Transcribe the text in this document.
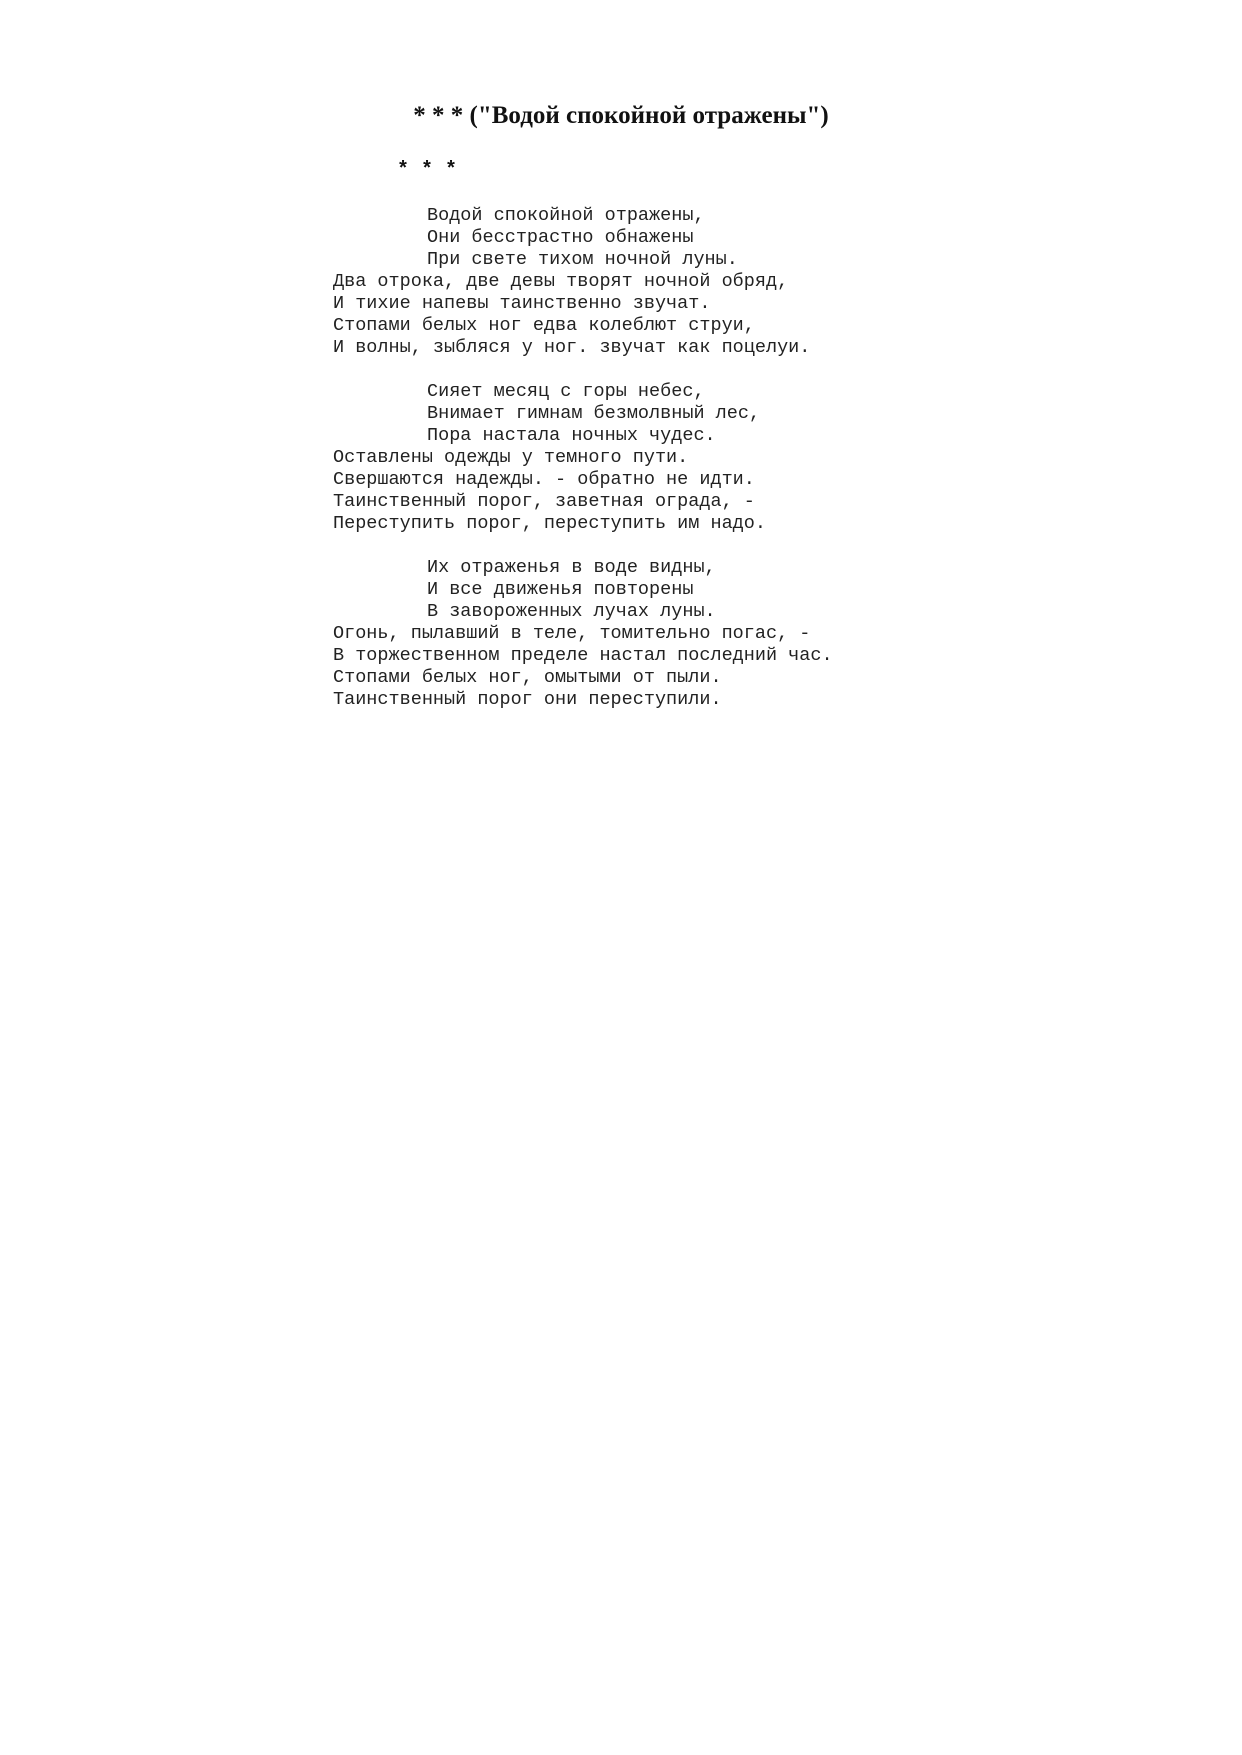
* * * ("Водой спокойной отражены")
* * *
Водой спокойной отражены,
Они бесстрастно обнажены
При свете тихом ночной луны.
Два отрока, две девы творят ночной обряд,
И тихие напевы таинственно звучат.
Стопами белых ног едва колеблют струи,
И волны, зыбляся у ног. звучат как поцелуи.
Сияет месяц с горы небес,
Внимает гимнам безмолвный лес,
Пора настала ночных чудес.
Оставлены одежды у темного пути.
Свершаются надежды. - обратно не идти.
Таинственный порог, заветная ограда, -
Переступить порог, переступить им надо.
Их отраженья в воде видны,
И все движенья повторены
В завороженных лучах луны.
Огонь, пылавший в теле, томительно погас, -
В торжественном пределе настал последний час.
Стопами белых ног, омытыми от пыли.
Таинственный порог они переступили.
